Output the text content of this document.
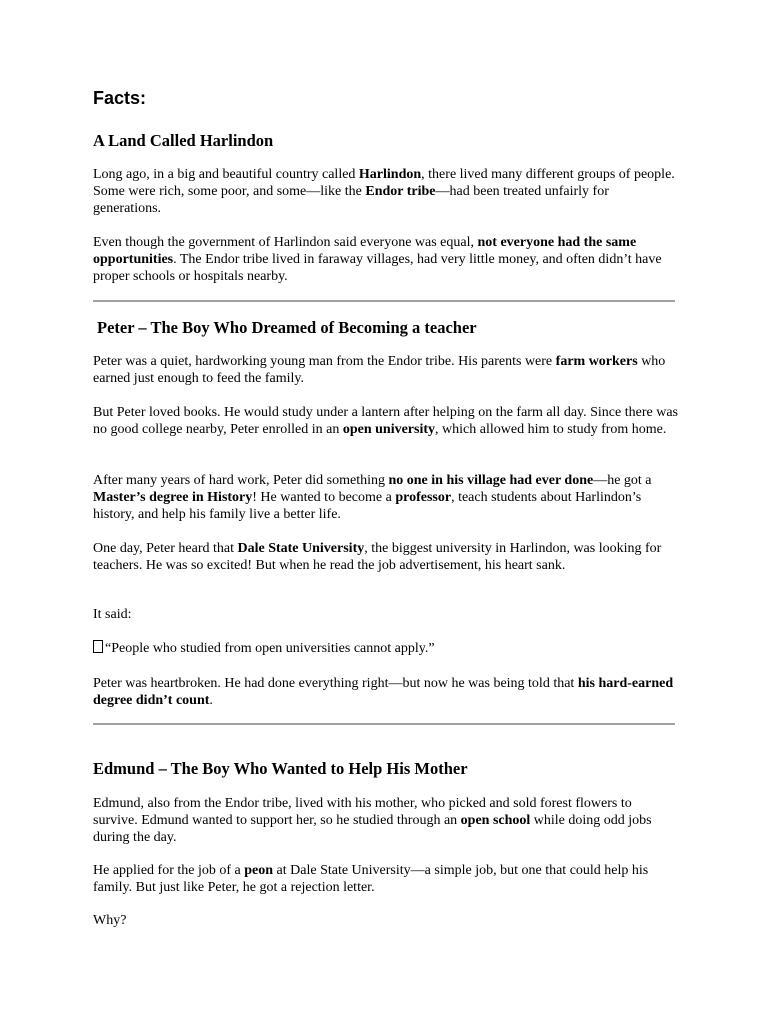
Facts:
A Land Called Harlindon

Long ago, in a big and beautiful country called Harlindon, there lived many different groups of people. Some were rich, some poor, and some—like the Endor tribe—had been treated unfairly for generations.

Even though the government of Harlindon said everyone was equal, not everyone had the same opportunities. The Endor tribe lived in faraway villages, had very little money, and often didn’t have proper schools or hospitals nearby.

Peter – The Boy Who Dreamed of Becoming a teacher

Peter was a quiet, hardworking young man from the Endor tribe. His parents were farm workers who earned just enough to feed the family.

But Peter loved books. He would study under a lantern after helping on the farm all day. Since there was no good college nearby, Peter enrolled in an open university, which allowed him to study from home.

After many years of hard work, Peter did something no one in his village had ever done—he got a Master’s degree in History! He wanted to become a professor, teach students about Harlindon’s history, and help his family live a better life.

One day, Peter heard that Dale State University, the biggest university in Harlindon, was looking for teachers. He was so excited! But when he read the job advertisement, his heart sank.

It said:

“People who studied from open universities cannot apply.”

Peter was heartbroken. He had done everything right—but now he was being told that his hard-earned degree didn’t count.

Edmund – The Boy Who Wanted to Help His Mother

Edmund, also from the Endor tribe, lived with his mother, who picked and sold forest flowers to survive. Edmund wanted to support her, so he studied through an open school while doing odd jobs during the day.

He applied for the job of a peon at Dale State University—a simple job, but one that could help his family. But just like Peter, he got a rejection letter.

Why?
